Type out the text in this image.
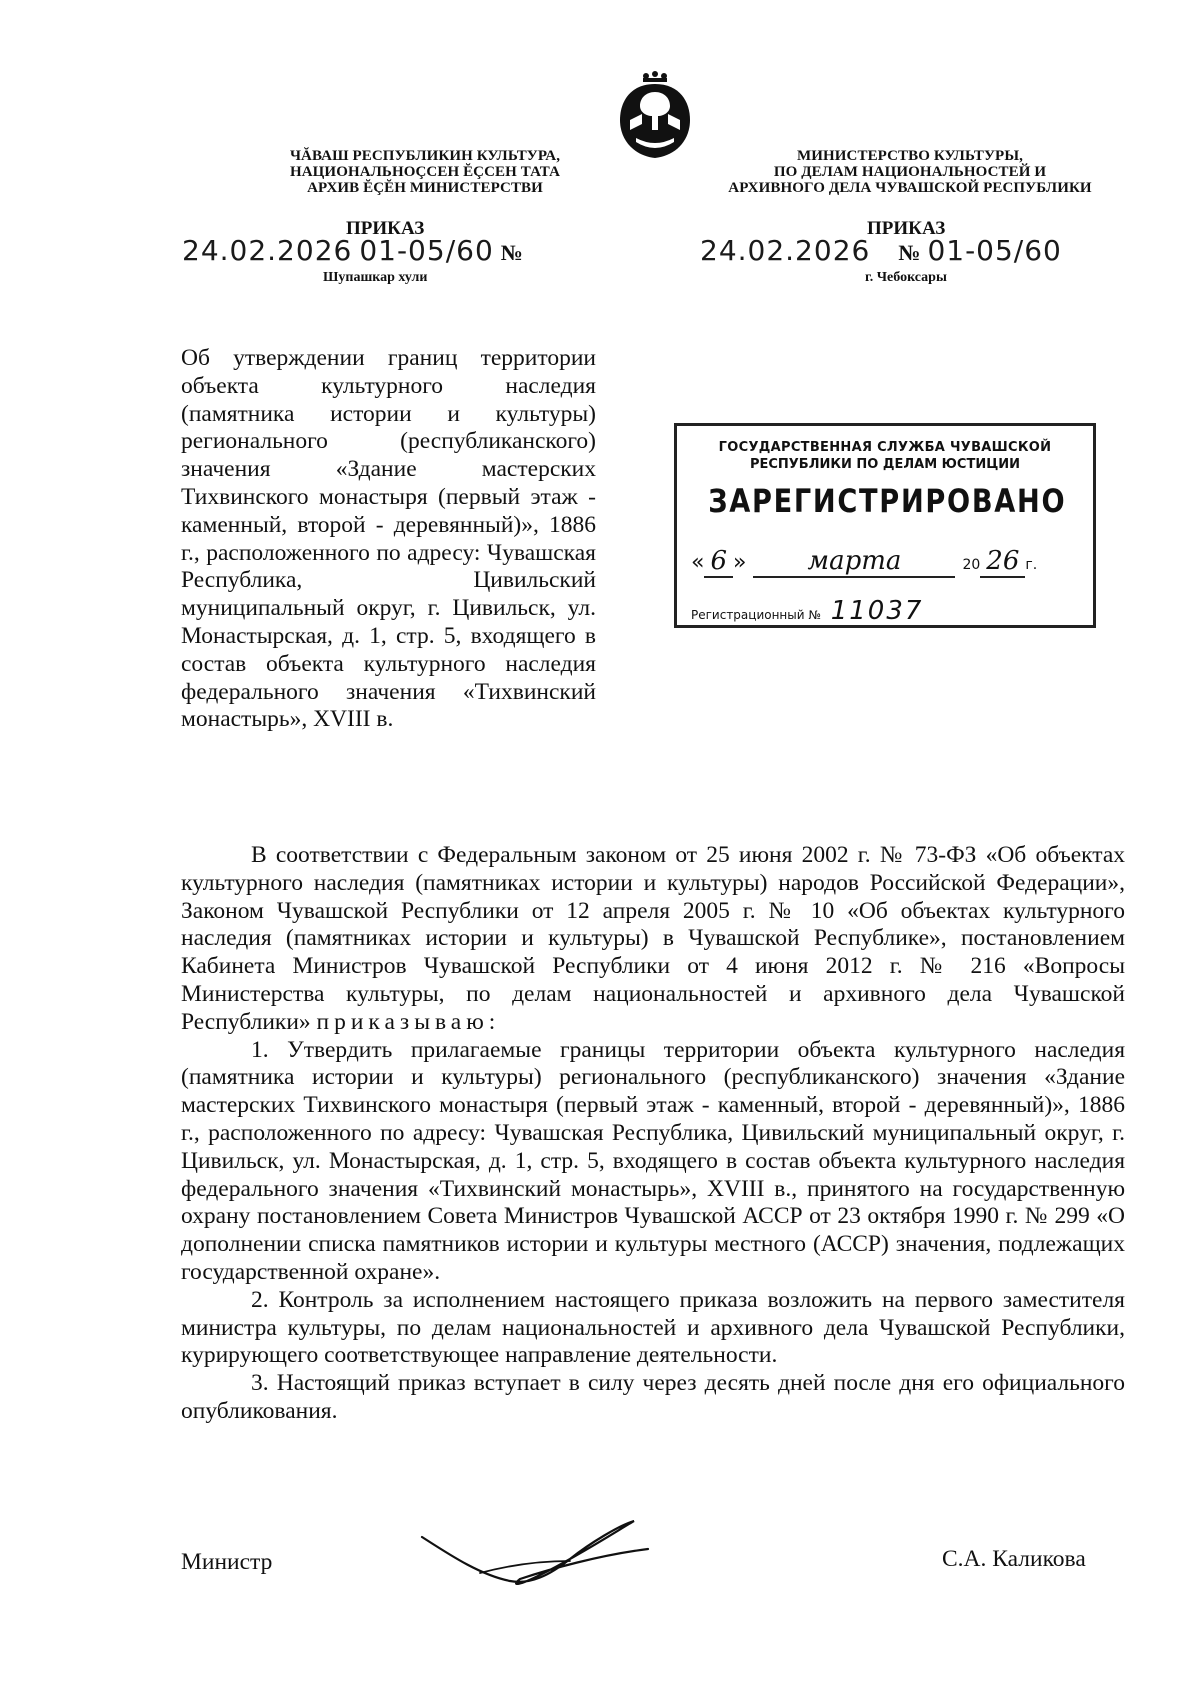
ЧĂВАШ РЕСПУБЛИКИН КУЛЬТУРА,
НАЦИОНАЛЬНОÇСЕН ĔÇСЕН ТАТА
АРХИВ ĔÇĔН МИНИСТЕРСТВИ
МИНИСТЕРСТВО КУЛЬТУРЫ,
ПО ДЕЛАМ НАЦИОНАЛЬНОСТЕЙ И
АРХИВНОГО ДЕЛА ЧУВАШСКОЙ РЕСПУБЛИКИ
ПРИКАЗ	ПРИКАЗ
24.02.2026 01-05/60 №	24.02.2026 № 01-05/60
Шупашкар хули	г. Чебоксары
Об утверждении границ территории объекта культурного наследия (памятника истории и культуры) регионального (республиканского) значения «Здание мастерских Тихвинского монастыря (первый этаж - каменный, второй - деревянный)», 1886 г., расположенного по адресу: Чувашская Республика, Цивильский муниципальный округ, г. Цивильск, ул. Монастырская, д. 1, стр. 5, входящего в состав объекта культурного наследия федерального значения «Тихвинский монастырь», XVIII в.
ГОСУДАРСТВЕННАЯ СЛУЖБА ЧУВАШСКОЙ
РЕСПУБЛИКИ ПО ДЕЛАМ ЮСТИЦИИ
ЗАРЕГИСТРИРОВАНО
« 6 » марта	20 26 г.
Регистрационный № 11037

В соответствии с Федеральным законом от 25 июня 2002 г. № 73-ФЗ «Об объектах культурного наследия (памятниках истории и культуры) народов Российской Федерации», Законом Чувашской Республики от 12 апреля 2005 г. № 10 «Об объектах культурного наследия (памятниках истории и культуры) в Чувашской Республике», постановлением Кабинета Министров Чувашской Республики от 4 июня 2012 г. № 216 «Вопросы Министерства культуры, по делам национальностей и архивного дела Чувашской Республики» приказываю:

1. Утвердить прилагаемые границы территории объекта культурного наследия (памятника истории и культуры) регионального (республиканского) значения «Здание мастерских Тихвинского монастыря (первый этаж - каменный, второй - деревянный)», 1886 г., расположенного по адресу: Чувашская Республика, Цивильский муниципальный округ, г. Цивильск, ул. Монастырская, д. 1, стр. 5, входящего в состав объекта культурного наследия федерального значения «Тихвинский монастырь», XVIII в., принятого на государственную охрану постановлением Совета Министров Чувашской АССР от 23 октября 1990 г. № 299 «О дополнении списка памятников истории и культуры местного (АССР) значения, подлежащих государственной охране».

2. Контроль за исполнением настоящего приказа возложить на первого заместителя министра культуры, по делам национальностей и архивного дела Чувашской Республики, курирующего соответствующее направление деятельности.

3. Настоящий приказ вступает в силу через десять дней после дня его официального опубликования.

Министр	С.А. Каликова
